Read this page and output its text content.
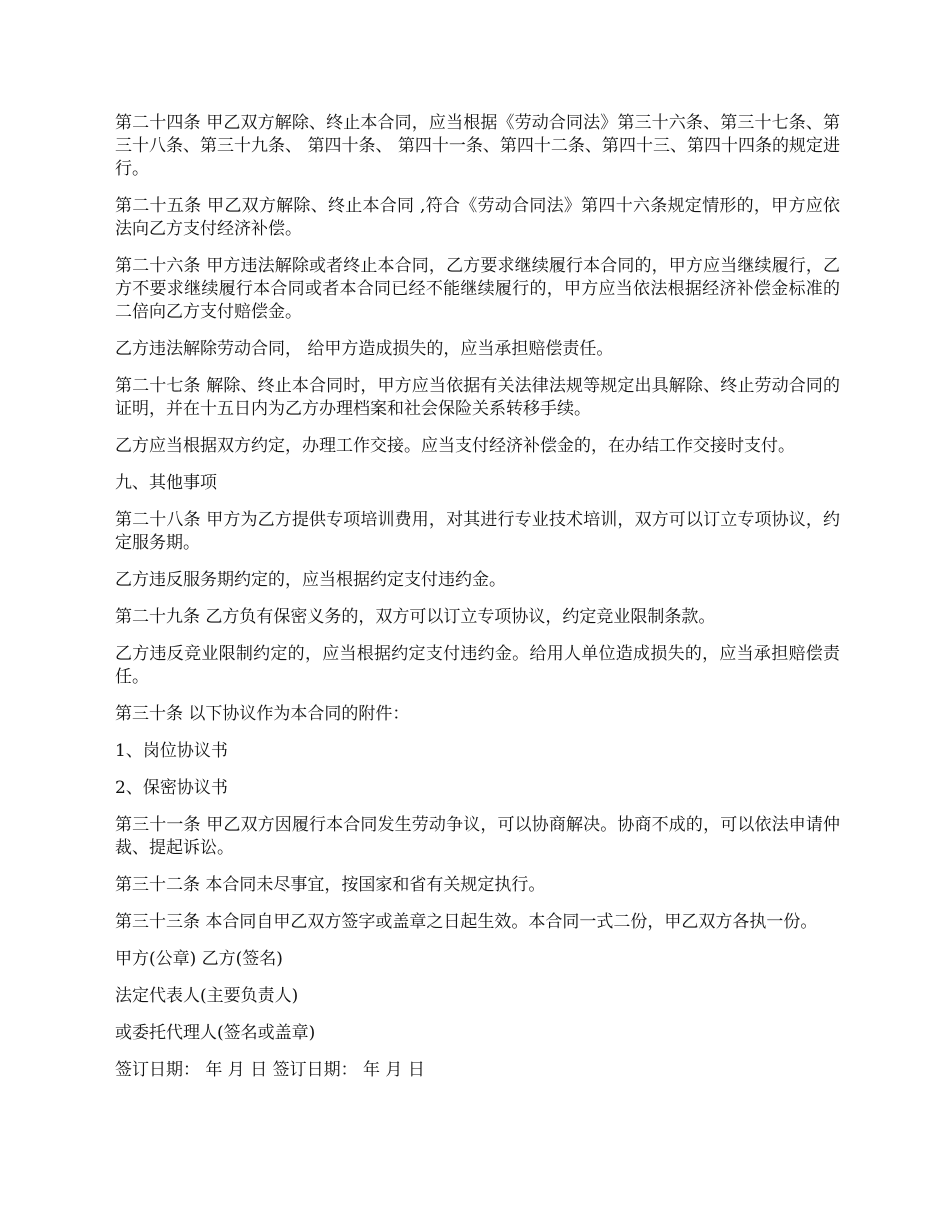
第二十四条 甲乙双方解除、终止本合同，应当根据《劳动合同法》第三十六条、第三十七条、第三十八条、第三十九条、 第四十条、 第四十一条、第四十二条、第四十三、第四十四条的规定进行。

第二十五条 甲乙双方解除、终止本合同 ,符合《劳动合同法》第四十六条规定情形的，甲方应依法向乙方支付经济补偿。

第二十六条 甲方违法解除或者终止本合同，乙方要求继续履行本合同的，甲方应当继续履行，乙方不要求继续履行本合同或者本合同已经不能继续履行的，甲方应当依法根据经济补偿金标准的二倍向乙方支付赔偿金。

乙方违法解除劳动合同， 给甲方造成损失的，应当承担赔偿责任。

第二十七条 解除、终止本合同时，甲方应当依据有关法律法规等规定出具解除、终止劳动合同的证明，并在十五日内为乙方办理档案和社会保险关系转移手续。

乙方应当根据双方约定，办理工作交接。应当支付经济补偿金的，在办结工作交接时支付。

九、其他事项

第二十八条 甲方为乙方提供专项培训费用，对其进行专业技术培训，双方可以订立专项协议，约定服务期。

乙方违反服务期约定的，应当根据约定支付违约金。

第二十九条 乙方负有保密义务的，双方可以订立专项协议，约定竞业限制条款。

乙方违反竞业限制约定的，应当根据约定支付违约金。给用人单位造成损失的，应当承担赔偿责任。

第三十条 以下协议作为本合同的附件：

1、岗位协议书

2、保密协议书

第三十一条 甲乙双方因履行本合同发生劳动争议，可以协商解决。协商不成的，可以依法申请仲裁、提起诉讼。

第三十二条 本合同未尽事宜，按国家和省有关规定执行。

第三十三条 本合同自甲乙双方签字或盖章之日起生效。本合同一式二份，甲乙双方各执一份。

甲方(公章) 乙方(签名)

法定代表人(主要负责人)

或委托代理人(签名或盖章)

签订日期： 年 月 日 签订日期： 年 月 日
